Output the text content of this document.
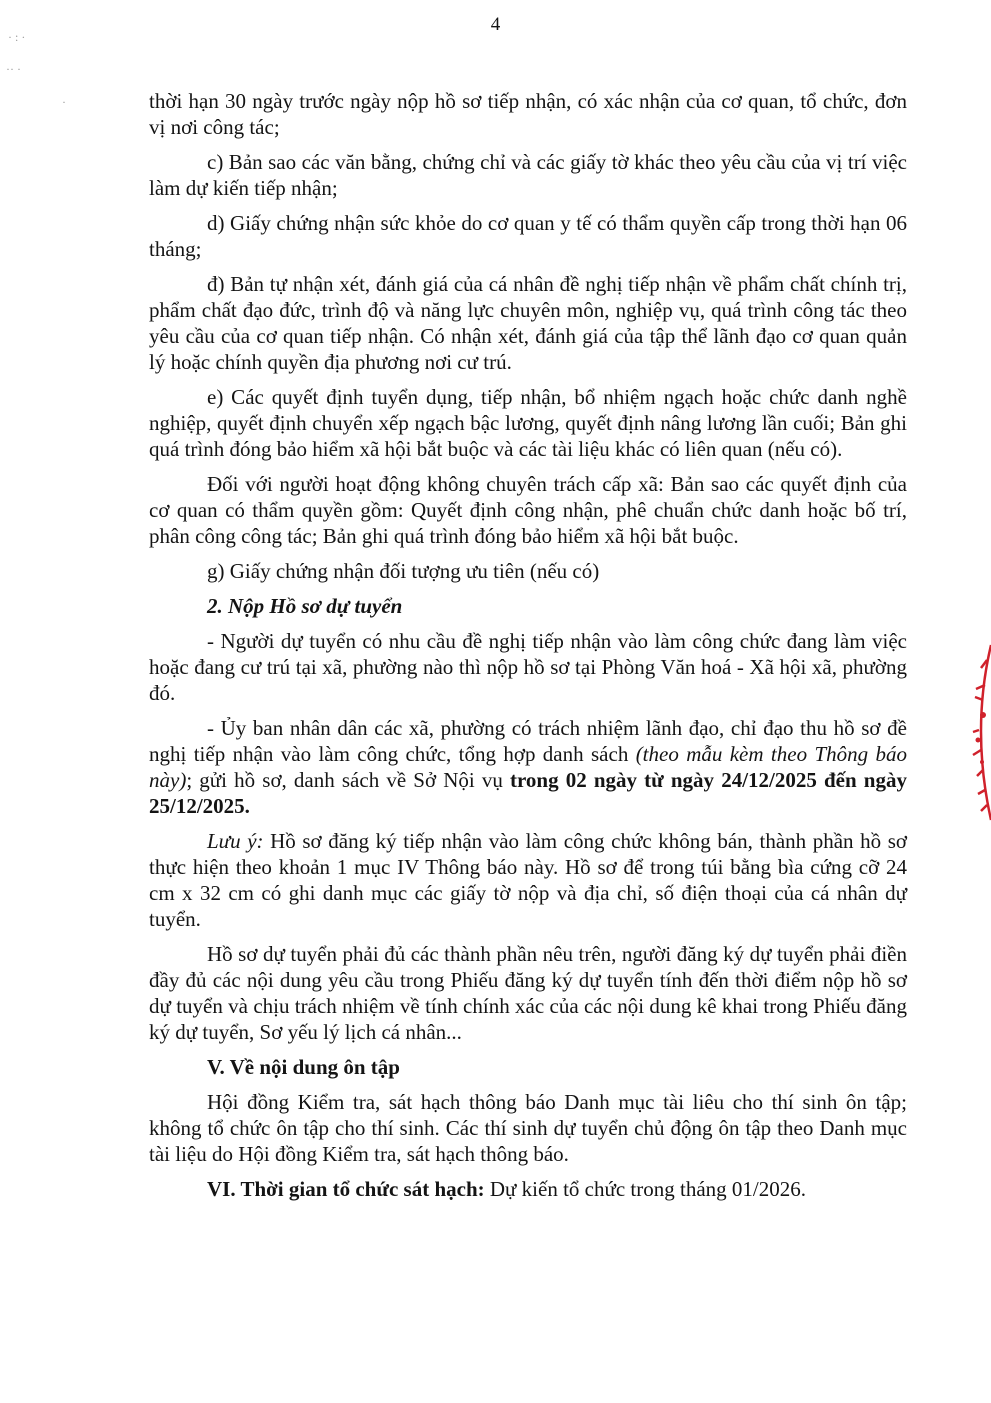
4
· : ·
·· ·
·	thời hạn 30 ngày trước ngày nộp hồ sơ tiếp nhận, có xác nhận của cơ quan, tổ chức, đơn vị nơi công tác;

c) Bản sao các văn bằng, chứng chỉ và các giấy tờ khác theo yêu cầu của vị trí việc làm dự kiến tiếp nhận;

d) Giấy chứng nhận sức khỏe do cơ quan y tế có thẩm quyền cấp trong thời hạn 06 tháng;

đ) Bản tự nhận xét, đánh giá của cá nhân đề nghị tiếp nhận về phẩm chất chính trị, phẩm chất đạo đức, trình độ và năng lực chuyên môn, nghiệp vụ, quá trình công tác theo yêu cầu của cơ quan tiếp nhận. Có nhận xét, đánh giá của tập thể lãnh đạo cơ quan quản lý hoặc chính quyền địa phương nơi cư trú.

e) Các quyết định tuyển dụng, tiếp nhận, bổ nhiệm ngạch hoặc chức danh nghề nghiệp, quyết định chuyển xếp ngạch bậc lương, quyết định nâng lương lần cuối; Bản ghi quá trình đóng bảo hiểm xã hội bắt buộc và các tài liệu khác có liên quan (nếu có).

Đối với người hoạt động không chuyên trách cấp xã: Bản sao các quyết định của cơ quan có thẩm quyền gồm: Quyết định công nhận, phê chuẩn chức danh hoặc bố trí, phân công công tác; Bản ghi quá trình đóng bảo hiểm xã hội bắt buộc.

g) Giấy chứng nhận đối tượng ưu tiên (nếu có)

2. Nộp Hồ sơ dự tuyển

- Người dự tuyển có nhu cầu đề nghị tiếp nhận vào làm công chức đang làm việc hoặc đang cư trú tại xã, phường nào thì nộp hồ sơ tại Phòng Văn hoá - Xã hội xã, phường đó.

- Ủy ban nhân dân các xã, phường có trách nhiệm lãnh đạo, chỉ đạo thu hồ sơ đề nghị tiếp nhận vào làm công chức, tổng hợp danh sách (theo mẫu kèm theo Thông báo này); gửi hồ sơ, danh sách về Sở Nội vụ trong 02 ngày từ ngày 24/12/2025 đến ngày 25/12/2025.

Lưu ý: Hồ sơ đăng ký tiếp nhận vào làm công chức không bán, thành phần hồ sơ thực hiện theo khoản 1 mục IV Thông báo này. Hồ sơ để trong túi bằng bìa cứng cỡ 24 cm x 32 cm có ghi danh mục các giấy tờ nộp và địa chỉ, số điện thoại của cá nhân dự tuyển.

Hồ sơ dự tuyển phải đủ các thành phần nêu trên, người đăng ký dự tuyển phải điền đầy đủ các nội dung yêu cầu trong Phiếu đăng ký dự tuyển tính đến thời điểm nộp hồ sơ dự tuyển và chịu trách nhiệm về tính chính xác của các nội dung kê khai trong Phiếu đăng ký dự tuyển, Sơ yếu lý lịch cá nhân...

V. Về nội dung ôn tập

Hội đồng Kiểm tra, sát hạch thông báo Danh mục tài liêu cho thí sinh ôn tập; không tổ chức ôn tập cho thí sinh. Các thí sinh dự tuyển chủ động ôn tập theo Danh mục tài liệu do Hội đồng Kiểm tra, sát hạch thông báo.

VI. Thời gian tổ chức sát hạch: Dự kiến tổ chức trong tháng 01/2026.
